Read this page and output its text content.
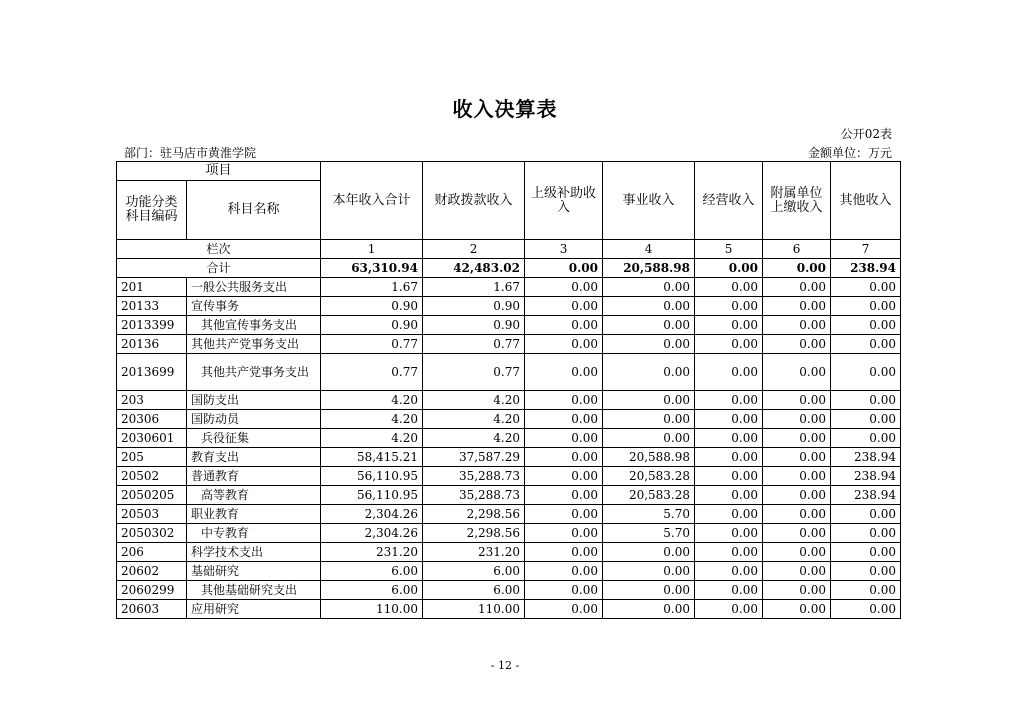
收入决算表
公开02表
部门：驻马店市黄淮学院	金额单位：万元
项目		本年收入合计	财政拨款收入	上级补助收入	事业收入	经营收入	附属单位上缴收入	其他收入
功能分类科目编码	科目名称							
栏次		1	2	3	4	5	6	7
合计		63,310.94	42,483.02	0.00	20,588.98	0.00	0.00	238.94
201	一般公共服务支出	1.67	1.67	0.00	0.00	0.00	0.00	0.00
20133	宣传事务	0.90	0.90	0.00	0.00	0.00	0.00	0.00
2013399	其他宣传事务支出	0.90	0.90	0.00	0.00	0.00	0.00	0.00
20136	其他共产党事务支出	0.77	0.77	0.00	0.00	0.00	0.00	0.00
2013699	其他共产党事务支出	0.77	0.77	0.00	0.00	0.00	0.00	0.00
203	国防支出	4.20	4.20	0.00	0.00	0.00	0.00	0.00
20306	国防动员	4.20	4.20	0.00	0.00	0.00	0.00	0.00
2030601	兵役征集	4.20	4.20	0.00	0.00	0.00	0.00	0.00
205	教育支出	58,415.21	37,587.29	0.00	20,588.98	0.00	0.00	238.94
20502	普通教育	56,110.95	35,288.73	0.00	20,583.28	0.00	0.00	238.94
2050205	高等教育	56,110.95	35,288.73	0.00	20,583.28	0.00	0.00	238.94
20503	职业教育	2,304.26	2,298.56	0.00	5.70	0.00	0.00	0.00
2050302	中专教育	2,304.26	2,298.56	0.00	5.70	0.00	0.00	0.00
206	科学技术支出	231.20	231.20	0.00	0.00	0.00	0.00	0.00
20602	基础研究	6.00	6.00	0.00	0.00	0.00	0.00	0.00
2060299	其他基础研究支出	6.00	6.00	0.00	0.00	0.00	0.00	0.00
20603	应用研究	110.00	110.00	0.00	0.00	0.00	0.00	0.00
- 12 -
